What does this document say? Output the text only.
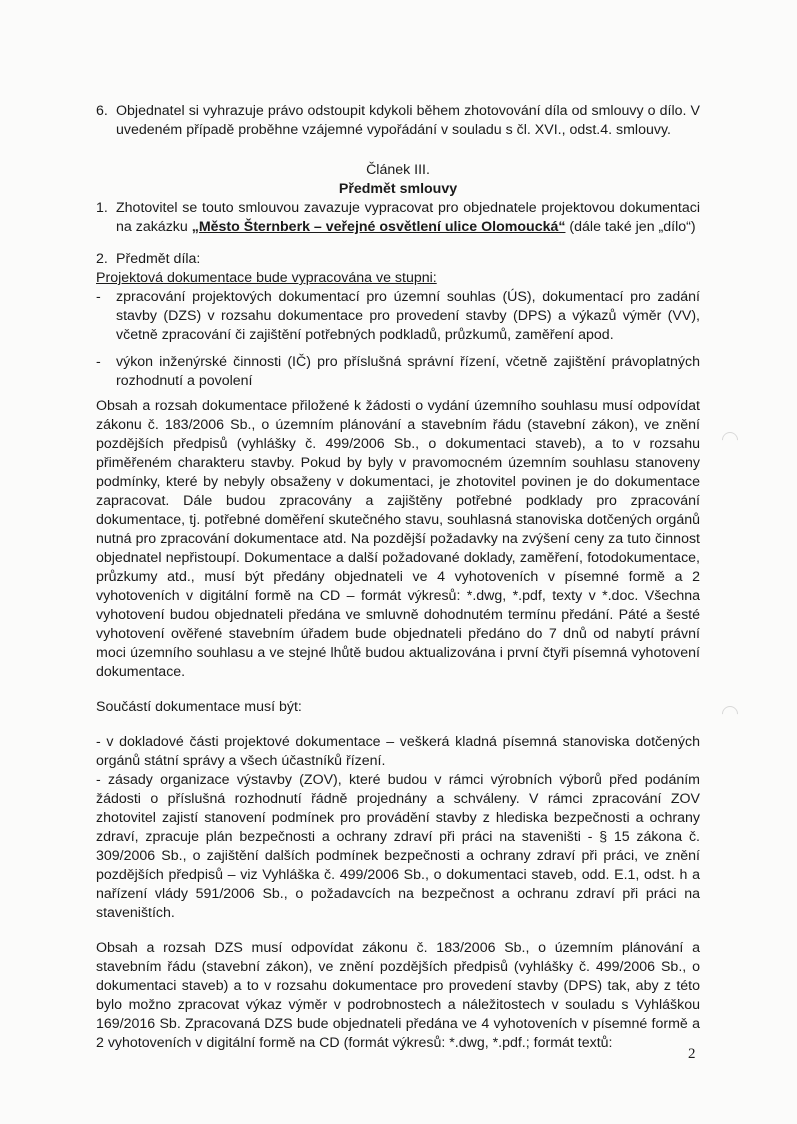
6. Objednatel si vyhrazuje právo odstoupit kdykoli během zhotovování díla od smlouvy o dílo. V uvedeném případě proběhne vzájemné vypořádání v souladu s čl. XVI., odst.4. smlouvy.
Článek III.
Předmět smlouvy
1. Zhotovitel se touto smlouvou zavazuje vypracovat pro objednatele projektovou dokumentaci na zakázku „Město Šternberk – veřejné osvětlení ulice Olomoucká“ (dále také jen „dílo“)
2. Předmět díla:
Projektová dokumentace bude vypracována ve stupni:
-	zpracování projektových dokumentací pro územní souhlas (ÚS), dokumentací pro zadání stavby (DZS) v rozsahu dokumentace pro provedení stavby (DPS) a výkazů výměr (VV), včetně zpracování či zajištění potřebných podkladů, průzkumů, zaměření apod.
-	výkon inženýrské činnosti (IČ) pro příslušná správní řízení, včetně zajištění právoplatných rozhodnutí a povolení
Obsah a rozsah dokumentace přiložené k žádosti o vydání územního souhlasu musí odpovídat zákonu č. 183/2006 Sb., o územním plánování a stavebním řádu (stavební zákon), ve znění pozdějších předpisů (vyhlášky č. 499/2006 Sb., o dokumentaci staveb), a to v rozsahu přiměřeném charakteru stavby. Pokud by byly v pravomocném územním souhlasu stanoveny podmínky, které by nebyly obsaženy v dokumentaci, je zhotovitel povinen je do dokumentace zapracovat. Dále budou zpracovány a zajištěny potřebné podklady pro zpracování dokumentace, tj. potřebné doměření skutečného stavu, souhlasná stanoviska dotčených orgánů nutná pro zpracování dokumentace atd. Na pozdější požadavky na zvýšení ceny za tuto činnost objednatel nepřistoupí. Dokumentace a další požadované doklady, zaměření, fotodokumentace, průzkumy atd., musí být předány objednateli ve 4 vyhotoveních v písemné formě a 2 vyhotoveních v digitální formě na CD – formát výkresů: *.dwg, *.pdf, texty v *.doc. Všechna vyhotovení budou objednateli předána ve smluvně dohodnutém termínu předání. Páté a šesté vyhotovení ověřené stavebním úřadem bude objednateli předáno do 7 dnů od nabytí právní moci územního souhlasu a ve stejné lhůtě budou aktualizována i první čtyři písemná vyhotovení dokumentace.
Součástí dokumentace musí být:
- v dokladové části projektové dokumentace – veškerá kladná písemná stanoviska dotčených orgánů státní správy a všech účastníků řízení.
- zásady organizace výstavby (ZOV), které budou v rámci výrobních výborů před podáním žádosti o příslušná rozhodnutí řádně projednány a schváleny. V rámci zpracování ZOV zhotovitel zajistí stanovení podmínek pro provádění stavby z hlediska bezpečnosti a ochrany zdraví, zpracuje plán bezpečnosti a ochrany zdraví při práci na staveništi - § 15 zákona č. 309/2006 Sb., o zajištění dalších podmínek bezpečnosti a ochrany zdraví při práci, ve znění pozdějších předpisů – viz Vyhláška č. 499/2006 Sb., o dokumentaci staveb, odd. E.1, odst. h a nařízení vlády 591/2006 Sb., o požadavcích na bezpečnost a ochranu zdraví při práci na staveništích.
Obsah a rozsah DZS musí odpovídat zákonu č. 183/2006 Sb., o územním plánování a stavebním řádu (stavební zákon), ve znění pozdějších předpisů (vyhlášky č. 499/2006 Sb., o dokumentaci staveb) a to v rozsahu dokumentace pro provedení stavby (DPS) tak, aby z této bylo možno zpracovat výkaz výměr v podrobnostech a náležitostech v souladu s Vyhláškou 169/2016 Sb. Zpracovaná DZS bude objednateli předána ve 4 vyhotoveních v písemné formě a 2 vyhotoveních v digitální formě na CD (formát výkresů: *.dwg, *.pdf.; formát textů:
2
